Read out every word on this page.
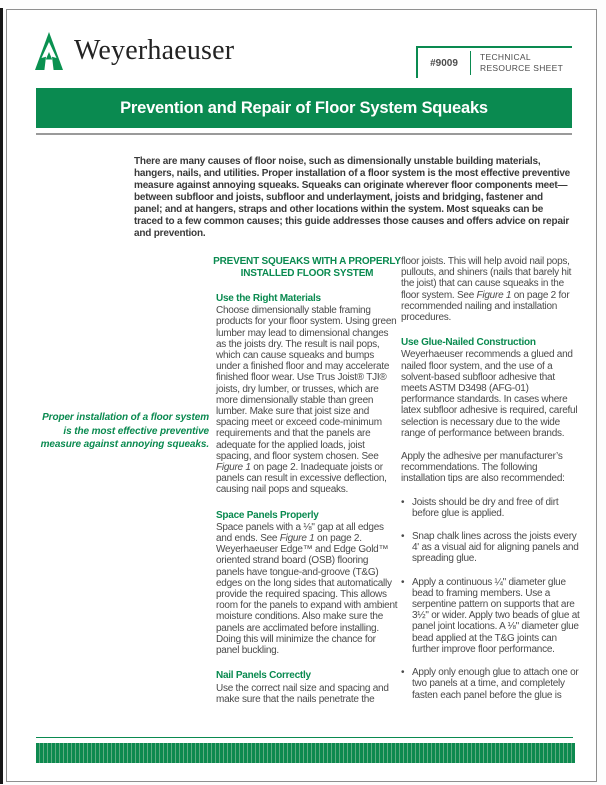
Weyerhaeuser	#9009
TECHNICAL
RESOURCE SHEET
Prevention and Repair of Floor System Squeaks
There are many causes of floor noise, such as dimensionally unstable building materials, hangers, nails, and utilities. Proper installation of a floor system is the most effective preventive measure against annoying squeaks. Squeaks can originate wherever floor components meet—between subfloor and joists, subfloor and underlayment, joists and bridging, fastener and panel; and at hangers, straps and other locations within the system. Most squeaks can be traced to a few common causes; this guide addresses those causes and offers advice on repair and prevention.
Proper installation of a floor system is the most effective preventive measure against annoying squeaks.
PREVENT SQUEAKS WITH A PROPERLY INSTALLED FLOOR SYSTEM
Use the Right Materials

Choose dimensionally stable framing products for your floor system. Using green lumber may lead to dimensional changes as the joists dry. The result is nail pops, which can cause squeaks and bumps under a finished floor and may accelerate finished floor wear. Use Trus Joist® TJI® joists, dry lumber, or trusses, which are more dimensionally stable than green lumber. Make sure that joist size and spacing meet or exceed code-minimum requirements and that the panels are adequate for the applied loads, joist spacing, and floor system chosen. See Figure 1 on page 2. Inadequate joists or panels can result in excessive deflection, causing nail pops and squeaks.

Space Panels Properly

Space panels with a ⅛" gap at all edges and ends. See Figure 1 on page 2. Weyerhaeuser Edge™ and Edge Gold™ oriented strand board (OSB) flooring panels have tongue-and-groove (T&G) edges on the long sides that automatically provide the required spacing. This allows room for the panels to expand with ambient moisture conditions. Also make sure the panels are acclimated before installing. Doing this will minimize the chance for panel buckling.

Nail Panels Correctly

Use the correct nail size and spacing and make sure that the nails penetrate the

floor joists. This will help avoid nail pops, pullouts, and shiners (nails that barely hit the joist) that can cause squeaks in the floor system. See Figure 1 on page 2 for recommended nailing and installation procedures.

Use Glue-Nailed Construction

Weyerhaeuser recommends a glued and nailed floor system, and the use of a solvent-based subfloor adhesive that meets ASTM D3498 (AFG-01) performance standards. In cases where latex subfloor adhesive is required, careful selection is necessary due to the wide range of performance between brands.

Apply the adhesive per manufacturer’s recommendations. The following installation tips are also recommended:

• Joists should be dry and free of dirt before glue is applied.
• Snap chalk lines across the joists every 4' as a visual aid for aligning panels and spreading glue.
• Apply a continuous ¼" diameter glue bead to framing members. Use a serpentine pattern on supports that are 3½" or wider. Apply two beads of glue at panel joint locations. A ⅛" diameter glue bead applied at the T&G joints can further improve floor performance.
• Apply only enough glue to attach one or two panels at a time, and completely fasten each panel before the glue is
